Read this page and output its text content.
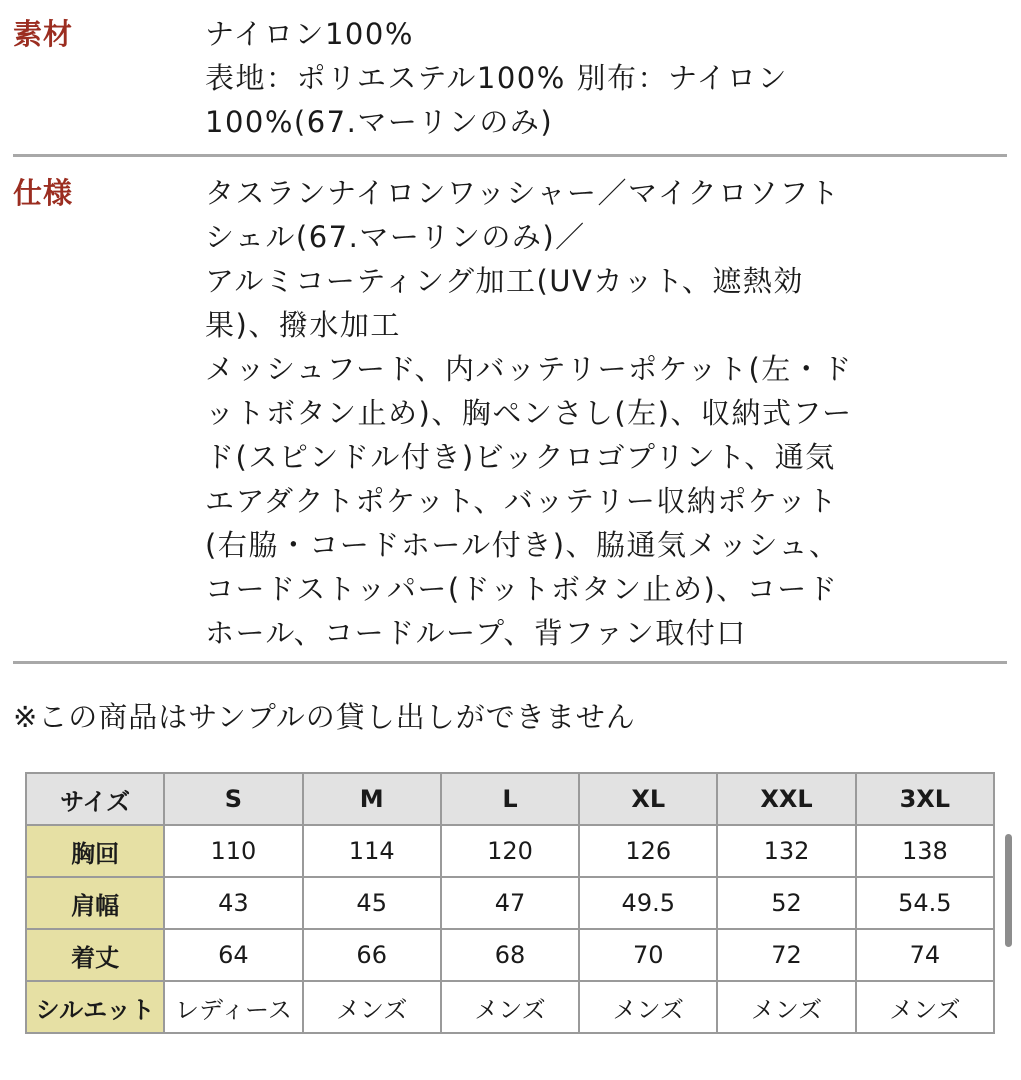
素材	ナイロン100%
表地：ポリエステル100% 別布：ナイロン
100%(67.マーリンのみ)
仕様	タスランナイロンワッシャー／マイクロソフト
シェル(67.マーリンのみ)／
アルミコーティング加工(UVカット、遮熱効
果)、撥水加工
メッシュフード、内バッテリーポケット(左・ド
ットボタン止め)、胸ペンさし(左)、収納式フー
ド(スピンドル付き)ビックロゴプリント、通気
エアダクトポケット、バッテリー収納ポケット
(右脇・コードホール付き)、脇通気メッシュ、
コードストッパー(ドットボタン止め)、コード
ホール、コードループ、背ファン取付口
※この商品はサンプルの貸し出しができません
サイズ	S	M	L	XL	XXL	3XL
胸回	110	114	120	126	132	138
肩幅	43	45	47	49.5	52	54.5
着丈	64	66	68	70	72	74
シルエット	レディース	メンズ	メンズ	メンズ	メンズ	メンズ
